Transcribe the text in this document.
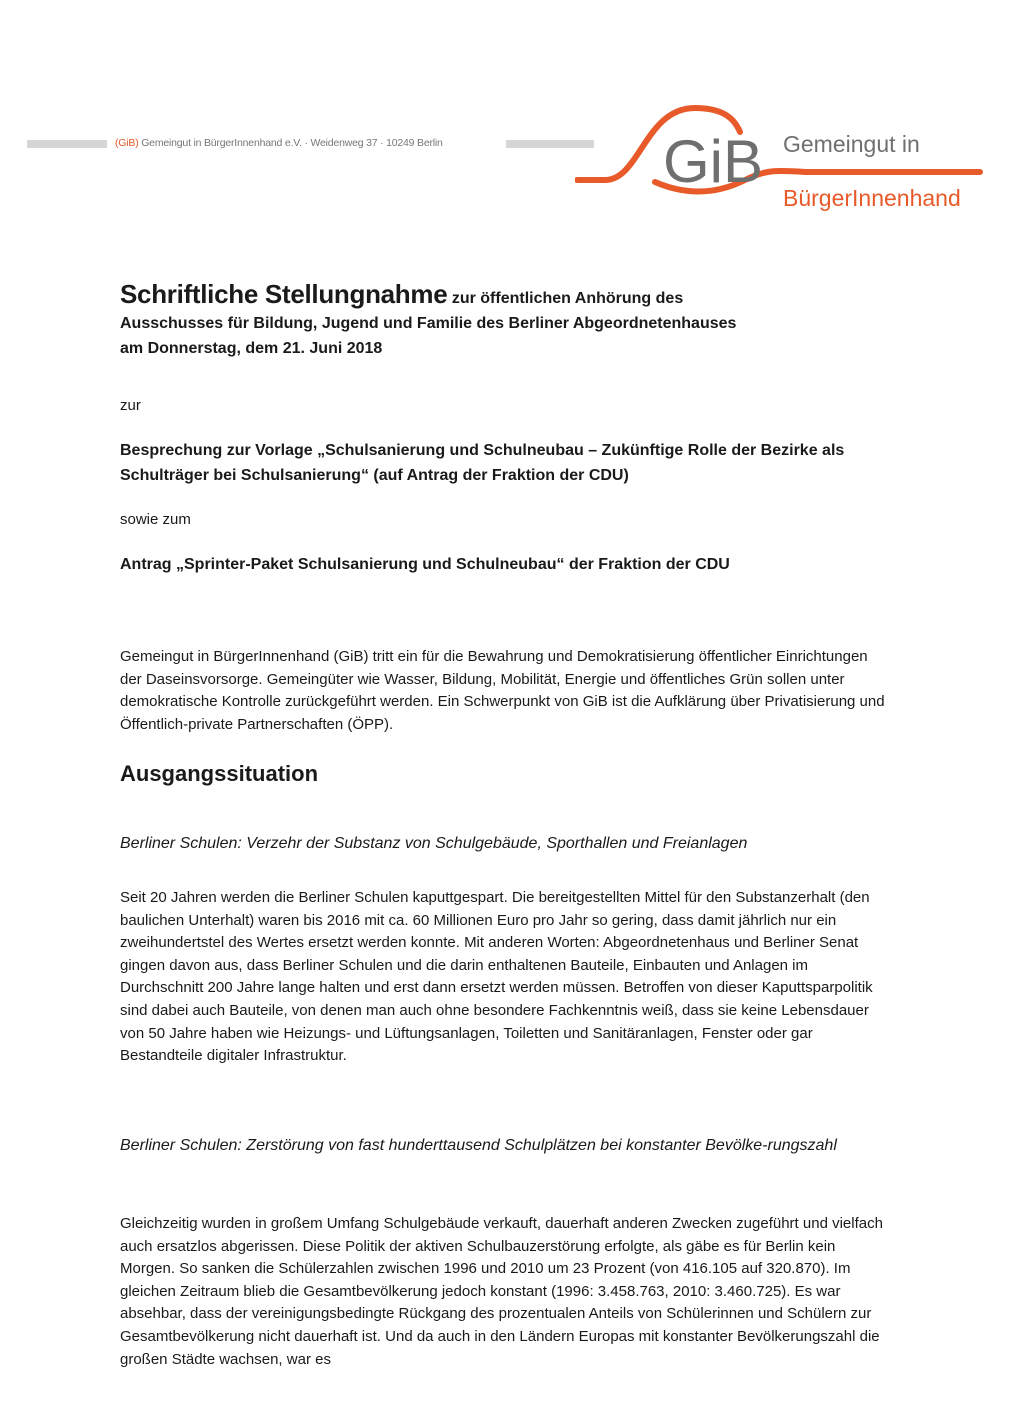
(GiB) Gemeingut in BürgerInnenhand e.V. · Weidenweg 37 · 10249 Berlin	GiB Gemeingut in
BürgerInnenhand
Schriftliche Stellungnahme zur öffentlichen Anhörung des
Ausschusses für Bildung, Jugend und Familie des Berliner Abgeordnetenhauses
am Donnerstag, dem 21. Juni 2018
zur
Besprechung zur Vorlage „Schulsanierung und Schulneubau – Zukünftige Rolle der Bezirke als Schulträger bei Schulsanierung“ (auf Antrag der Fraktion der CDU)
sowie zum
Antrag „Sprinter-Paket Schulsanierung und Schulneubau“ der Fraktion der CDU
Gemeingut in BürgerInnenhand (GiB) tritt ein für die Bewahrung und Demokratisierung öffentlicher Einrichtungen der Daseinsvorsorge. Gemeingüter wie Wasser, Bildung, Mobilität, Energie und öffentliches Grün sollen unter demokratische Kontrolle zurückgeführt werden. Ein Schwerpunkt von GiB ist die Aufklärung über Privatisierung und Öffentlich-private Partnerschaften (ÖPP).
Ausgangssituation
Berliner Schulen: Verzehr der Substanz von Schulgebäude, Sporthallen und Freianlagen
Seit 20 Jahren werden die Berliner Schulen kaputtgespart. Die bereitgestellten Mittel für den Substanzerhalt (den baulichen Unterhalt) waren bis 2016 mit ca. 60 Millionen Euro pro Jahr so gering, dass damit jährlich nur ein zweihundertstel des Wertes ersetzt werden konnte. Mit anderen Worten: Abgeordnetenhaus und Berliner Senat gingen davon aus, dass Berliner Schulen und die darin enthaltenen Bauteile, Einbauten und Anlagen im Durchschnitt 200 Jahre lange halten und erst dann ersetzt werden müssen. Betroffen von dieser Kaputtsparpolitik sind dabei auch Bauteile, von denen man auch ohne besondere Fachkenntnis weiß, dass sie keine Lebensdauer von 50 Jahre haben wie Heizungs- und Lüftungsanlagen, Toiletten und Sanitäranlagen, Fenster oder gar Bestandteile digitaler Infrastruktur.
Berliner Schulen: Zerstörung von fast hunderttausend Schulplätzen bei konstanter Bevölke-rungszahl
Gleichzeitig wurden in großem Umfang Schulgebäude verkauft, dauerhaft anderen Zwecken zugeführt und vielfach auch ersatzlos abgerissen. Diese Politik der aktiven Schulbauzerstörung erfolgte, als gäbe es für Berlin kein Morgen. So sanken die Schülerzahlen zwischen 1996 und 2010 um 23 Prozent (von 416.105 auf 320.870). Im gleichen Zeitraum blieb die Gesamtbevölkerung jedoch konstant (1996: 3.458.763, 2010: 3.460.725). Es war absehbar, dass der vereinigungsbedingte Rückgang des prozentualen Anteils von Schülerinnen und Schülern zur Gesamtbevölkerung nicht dauerhaft ist. Und da auch in den Ländern Europas mit konstanter Bevölkerungszahl die großen Städte wachsen, war es
